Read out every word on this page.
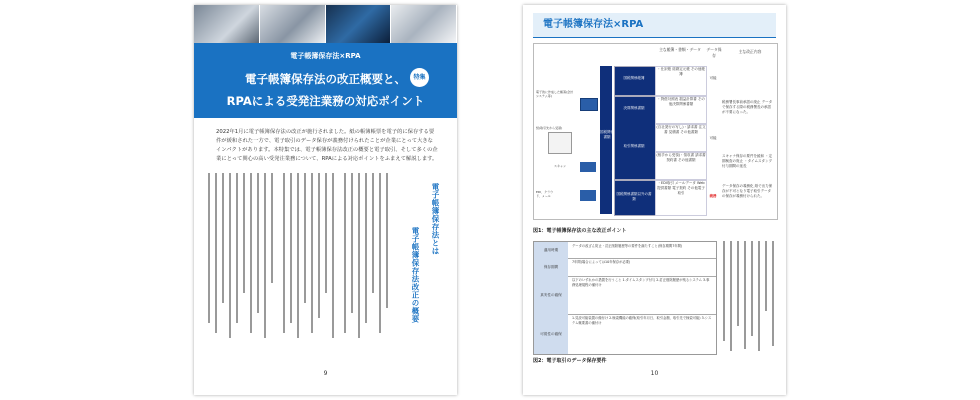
電子帳簿保存法×RPA
電子帳簿保存法の改正概要と、
RPAによる受発注業務の対応ポイント
特集
2022年1月に電子帳簿保存法の改正が施行されました。紙の帳簿帳票を電子的に保存する要件が緩和された一方で、電子取引のデータ保存が義務付けられたことが企業にとって大きなインパクトがあります。本特集では、電子帳簿保存法改正の概要と電子取引、そして多くの企業にとって関心の高い受発注業務について、RPAによる対応ポイントをふまえて解説します。
電子帳簿保存法とは
電子帳簿保存法改正の概要
9
電子帳簿保存法×RPA
主な帳簿・書類・データ	データ保存
主な改正内容
電子的に作成した帳簿(会計システム等)
紙(取引先から受領)
スキャン
EDI、クラウド、メール
国税関係帳簿
国税関係書類
決算関係書類
取引関係書類
国税関係書類以外の書類
・仕訳帳 総勘定元帳 その他帳簿
・貸借対照表 損益計算書 その他決算関係書類
(自社発行の写し)・請求書 注文書 見積書 その他書類
(相手から受領)・領収書 請求書 契約書 その他書類
・EDI取引 メールデータ Web提供書類 電子契約 その他電子取引
可能
可能
義務
税務署長事前承認の廃止 データで保存する際の税務署長の承認が不要になった。
スキャナ保存の要件を緩和 ・定期検査の廃止 ・タイムスタンプ付与期間の延長
データ保存の義務化 紙で出力保存が不可となり電子取引データの保存が義務付けられた。
図1：電子帳簿保存法の主な改正ポイント
適用時期
データの改ざん防止・訂正削除履歴等の要件を満たすこと(保存期間7年間)
保存期間
7年間(場合によっては10年保存が必要)
真実性の確保
以下のいずれかの措置を行うこと 1.タイムスタンプ付与 2.訂正削除履歴が残るシステム 3.事務処理規程の備付け
可視性の確保
1.見読可能装置の備付け 2.検索機能の確保(取引年月日、取引金額、取引先で検索可能) 3.システム概要書の備付け
図2：電子取引のデータ保存要件
10
